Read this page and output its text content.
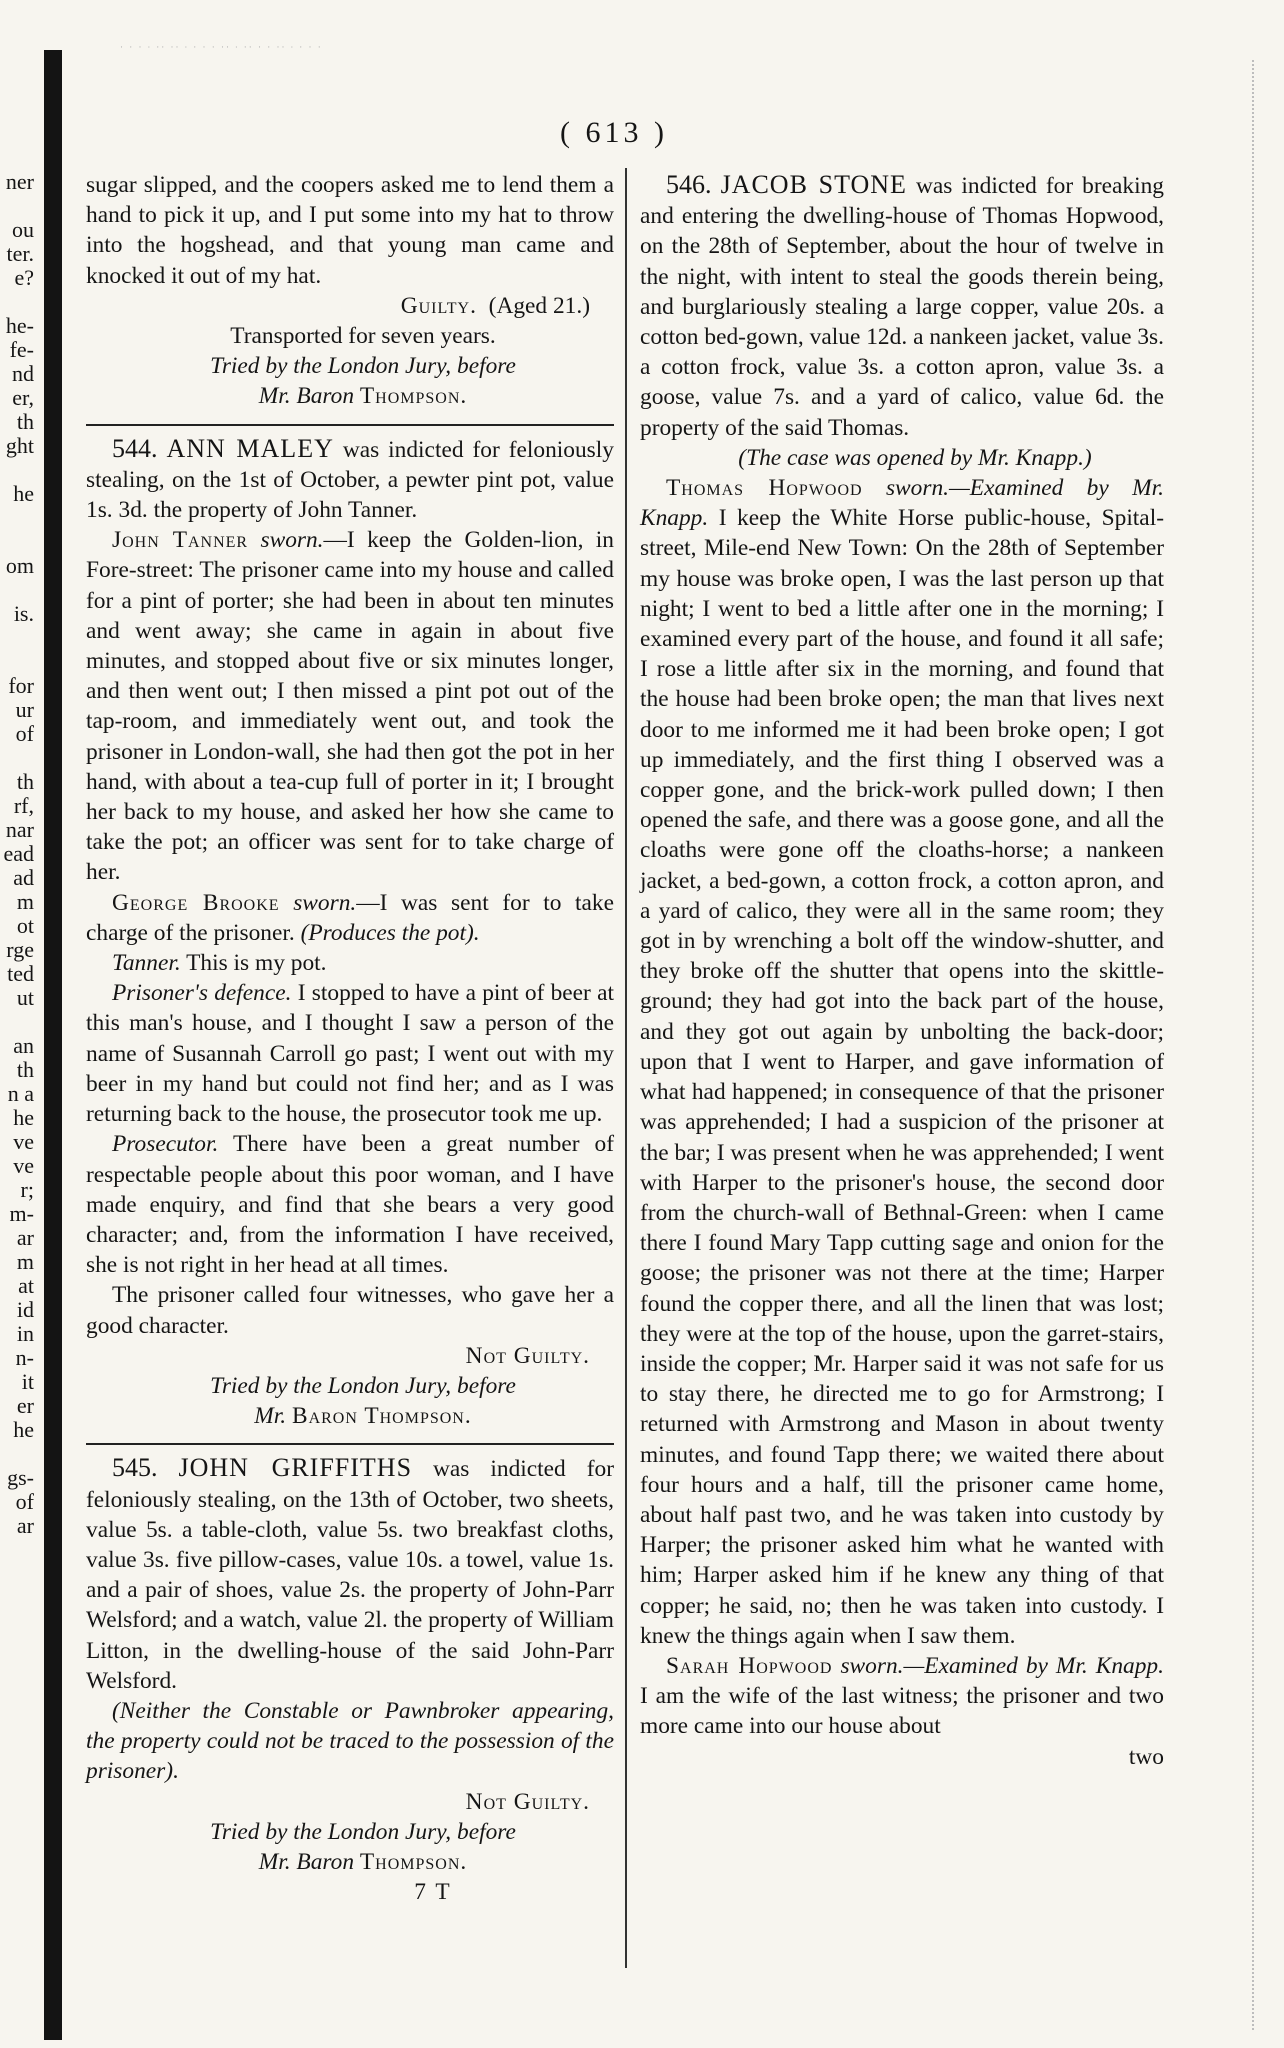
· · · ∙ ·· ·· ∙ · · · ·· ∙ ·· · · ·· ∙ · · ·
ner
ou
ter.
e?
he-
fe-
nd
er,
th
ght
he
om
is.
for
ur
of
th
rf,
nar
ead
ad
m
ot
rge
ted
ut
an
th
n a
he
ve
ve
r;
m-
ar
m
at
id
in
n-
it
er
he
gs-
of
ar
( 613 )

sugar slipped, and the coopers asked me to lend them a hand to pick it up, and I put some into my hat to throw into the hogshead, and that young man came and knocked it out of my hat.

Guilty. (Aged 21.)

Transported for seven years.

Tried by the London Jury, before

Mr. Baron Thompson.

544. ANN MALEY was indicted for feloniously stealing, on the 1st of October, a pewter pint pot, value 1s. 3d. the property of John Tanner.

John Tanner sworn.—I keep the Golden-lion, in Fore-street: The prisoner came into my house and called for a pint of porter; she had been in about ten minutes and went away; she came in again in about five minutes, and stopped about five or six minutes longer, and then went out; I then missed a pint pot out of the tap-room, and immediately went out, and took the prisoner in London-wall, she had then got the pot in her hand, with about a tea-cup full of porter in it; I brought her back to my house, and asked her how she came to take the pot; an officer was sent for to take charge of her.

George Brooke sworn.—I was sent for to take charge of the prisoner. (Produces the pot).

Tanner. This is my pot.

Prisoner's defence. I stopped to have a pint of beer at this man's house, and I thought I saw a person of the name of Susannah Carroll go past; I went out with my beer in my hand but could not find her; and as I was returning back to the house, the prosecutor took me up.

Prosecutor. There have been a great number of respectable people about this poor woman, and I have made enquiry, and find that she bears a very good character; and, from the information I have received, she is not right in her head at all times.

The prisoner called four witnesses, who gave her a good character.

Not Guilty.

Tried by the London Jury, before

Mr. Baron Thompson.

545. JOHN GRIFFITHS was indicted for feloniously stealing, on the 13th of October, two sheets, value 5s. a table-cloth, value 5s. two breakfast cloths, value 3s. five pillow-cases, value 10s. a towel, value 1s. and a pair of shoes, value 2s. the property of John-Parr Welsford; and a watch, value 2l. the property of William Litton, in the dwelling-house of the said John-Parr Welsford.

(Neither the Constable or Pawnbroker appearing, the property could not be traced to the possession of the prisoner).

Not Guilty.

Tried by the London Jury, before

Mr. Baron Thompson.

7 T

546. JACOB STONE was indicted for breaking and entering the dwelling-house of Thomas Hopwood, on the 28th of September, about the hour of twelve in the night, with intent to steal the goods therein being, and burglariously stealing a large copper, value 20s. a cotton bed-gown, value 12d. a nankeen jacket, value 3s. a cotton frock, value 3s. a cotton apron, value 3s. a goose, value 7s. and a yard of calico, value 6d. the property of the said Thomas.

(The case was opened by Mr. Knapp.)

Thomas Hopwood sworn.—Examined by Mr. Knapp. I keep the White Horse public-house, Spital-street, Mile-end New Town: On the 28th of September my house was broke open, I was the last person up that night; I went to bed a little after one in the morning; I examined every part of the house, and found it all safe; I rose a little after six in the morning, and found that the house had been broke open; the man that lives next door to me informed me it had been broke open; I got up immediately, and the first thing I observed was a copper gone, and the brick-work pulled down; I then opened the safe, and there was a goose gone, and all the cloaths were gone off the cloaths-horse; a nankeen jacket, a bed-gown, a cotton frock, a cotton apron, and a yard of calico, they were all in the same room; they got in by wrenching a bolt off the window-shutter, and they broke off the shutter that opens into the skittle-ground; they had got into the back part of the house, and they got out again by unbolting the back-door; upon that I went to Harper, and gave information of what had happened; in consequence of that the prisoner was apprehended; I had a suspicion of the prisoner at the bar; I was present when he was apprehended; I went with Harper to the prisoner's house, the second door from the church-wall of Bethnal-Green: when I came there I found Mary Tapp cutting sage and onion for the goose; the prisoner was not there at the time; Harper found the copper there, and all the linen that was lost; they were at the top of the house, upon the garret-stairs, inside the copper; Mr. Harper said it was not safe for us to stay there, he directed me to go for Armstrong; I returned with Armstrong and Mason in about twenty minutes, and found Tapp there; we waited there about four hours and a half, till the prisoner came home, about half past two, and he was taken into custody by Harper; the prisoner asked him what he wanted with him; Harper asked him if he knew any thing of that copper; he said, no; then he was taken into custody. I knew the things again when I saw them.

Sarah Hopwood sworn.—Examined by Mr. Knapp. I am the wife of the last witness; the prisoner and two more came into our house about

two
